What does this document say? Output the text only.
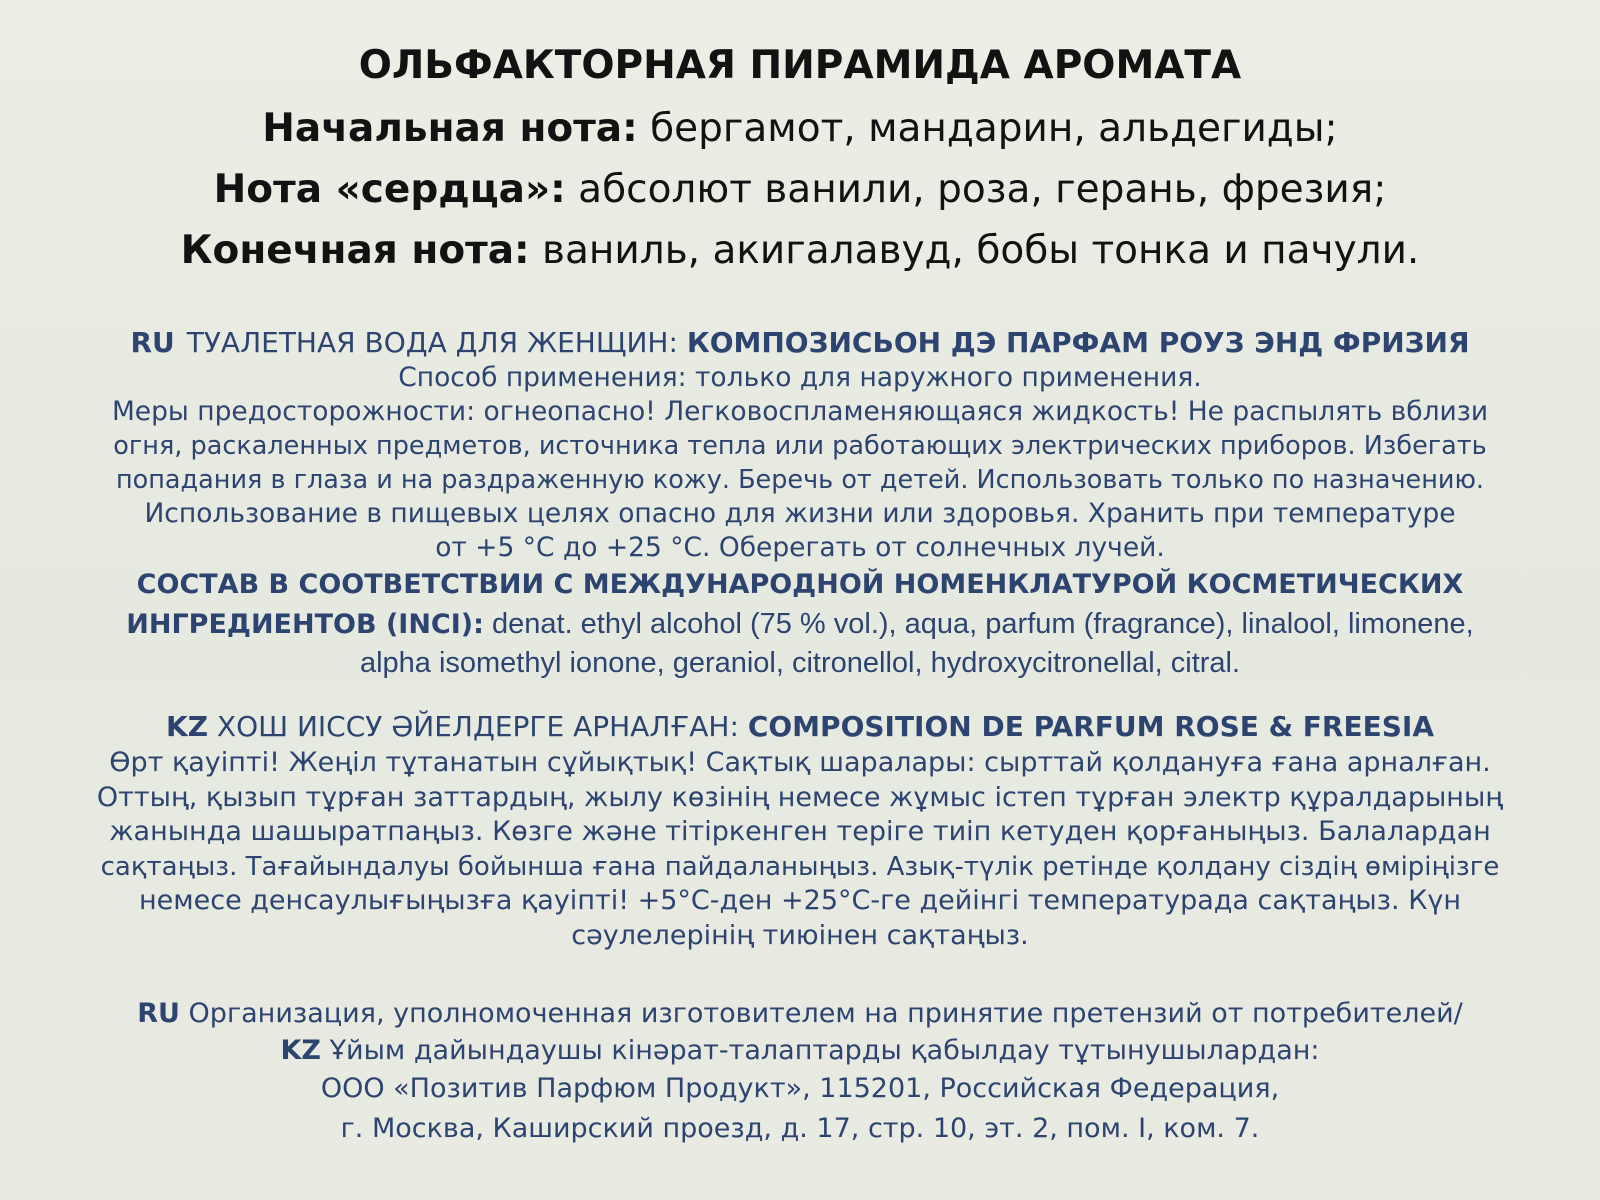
ОЛЬФАКТОРНАЯ ПИРАМИДА АРОМАТА

Начальная нота: бергамот, мандарин, альдегиды;

Нота «сердца»: абсолют ванили, роза, герань, фрезия;

Конечная нота: ваниль, акигалавуд, бобы тонка и пачули.

RU ТУАЛЕТНАЯ ВОДА ДЛЯ ЖЕНЩИН: КОМПОЗИСЬОН ДЭ ПАРФАМ РОУЗ ЭНД ФРИЗИЯ

Способ применения: только для наружного применения.

Меры предосторожности: огнеопасно! Легковоспламеняющаяся жидкость! Не распылять вблизи

огня, раскаленных предметов, источника тепла или работающих электрических приборов. Избегать

попадания в глаза и на раздраженную кожу. Беречь от детей. Использовать только по назначению.

Использование в пищевых целях опасно для жизни или здоровья. Хранить при температуре

от +5 °С до +25 °С. Оберегать от солнечных лучей.

СОСТАВ В СООТВЕТСТВИИ С МЕЖДУНАРОДНОЙ НОМЕНКЛАТУРОЙ КОСМЕТИЧЕСКИХ

ИНГРЕДИЕНТОВ (INCI): denat. ethyl alcohol (75 % vol.), aqua, parfum (fragrance), linalool, limonene,

alpha isomethyl ionone, geraniol, citronellol, hydroxycitronellal, citral.

KZ ХОШ ИІССУ ӘЙЕЛДЕРГЕ АРНАЛҒАН: COMPOSITION DE PARFUM ROSE & FREESIA

Өрт қауіпті! Жеңіл тұтанатын сұйықтық! Сақтық шаралары: сырттай қолдануға ғана арналған.

Оттың, қызып тұрған заттардың, жылу көзінің немесе жұмыс істеп тұрған электр құралдарының

жанында шашыратпаңыз. Көзге және тітіркенген теріге тиіп кетуден қорғаныңыз. Балалардан

сақтаңыз. Тағайындалуы бойынша ғана пайдаланыңыз. Азық-түлік ретінде қолдану сіздің өміріңізге

немесе денсаулығыңызға қауіпті! +5°С-ден +25°С-ге дейінгі температурада сақтаңыз. Күн

сәулелерінің тиюінен сақтаңыз.

RU Организация, уполномоченная изготовителем на принятие претензий от потребителей/

KZ Ұйым дайындаушы кінәрат-талаптарды қабылдау тұтынушылардан:

ООО «Позитив Парфюм Продукт», 115201, Российская Федерация,

г. Москва, Каширский проезд, д. 17, стр. 10, эт. 2, пом. I, ком. 7.
